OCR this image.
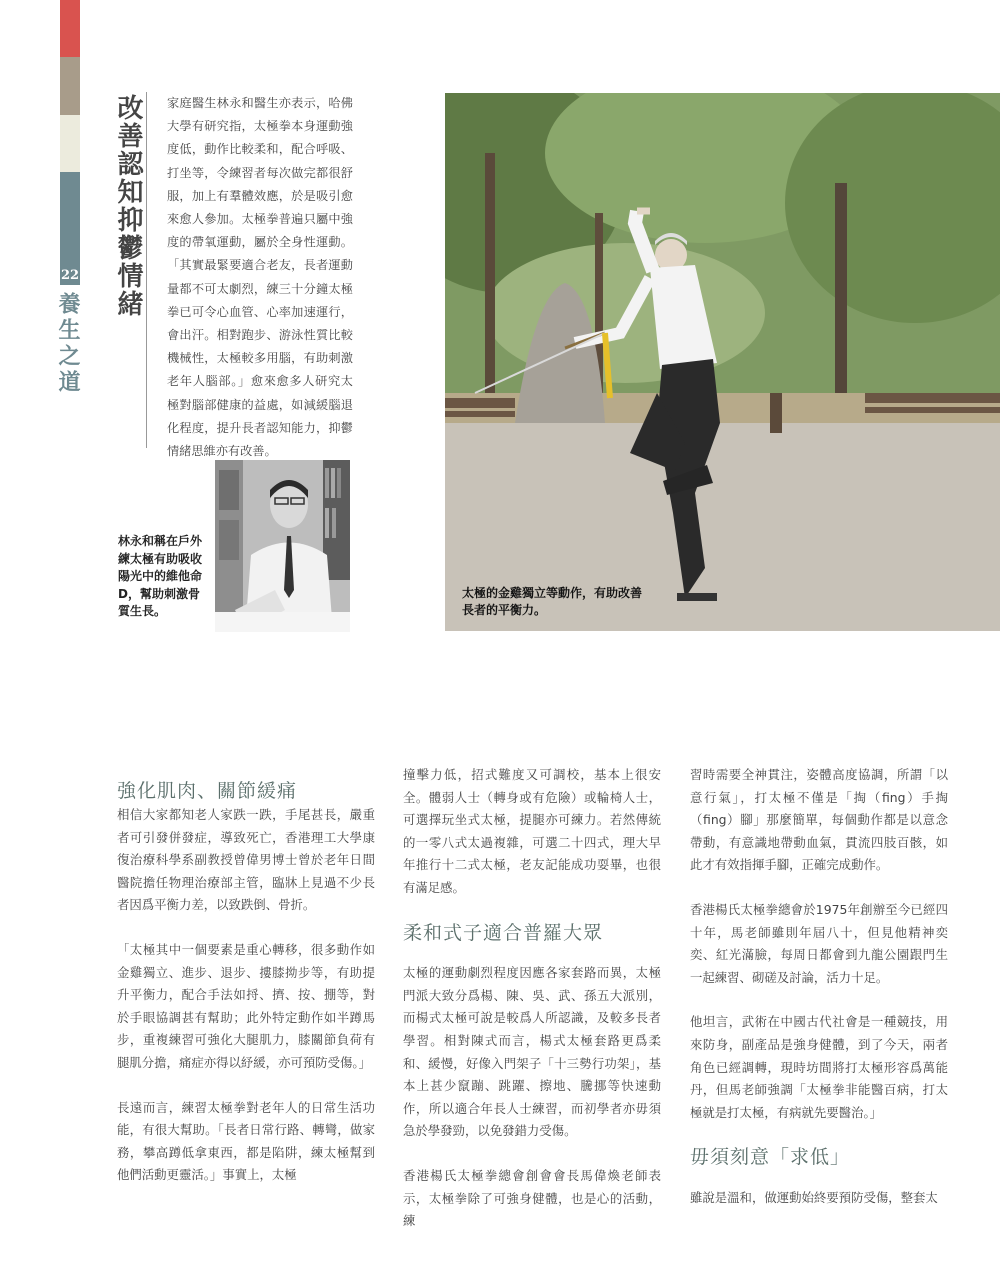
22
養生之道
改善認知抑鬱情緒 家庭醫生林永和醫生亦表示，哈佛大學有研究指，太極拳本身運動強度低，動作比較柔和，配合呼吸、打坐等，令練習者每次做完都很舒服，加上有羣體效應，於是吸引愈來愈人參加。太極拳普遍只屬中強度的帶氧運動，屬於全身性運動。「其實最緊要適合老友，長者運動量都不可太劇烈，練三十分鐘太極拳已可令心血管、心率加速運行，會出汗。相對跑步、游泳性質比較機械性，太極較多用腦，有助刺激老年人腦部。」愈來愈多人研究太極對腦部健康的益處，如減緩腦退化程度，提升長者認知能力，抑鬱情緒思維亦有改善。
林永和稱在戶外練太極有助吸收陽光中的維他命D，幫助刺激骨質生長。
太極的金雞獨立等動作，有助改善長者的平衡力。
強化肌肉、關節緩痛

相信大家都知老人家跌一跌，手尾甚長，嚴重者可引發併發症，導致死亡，香港理工大學康復治療科學系副教授曾偉男博士曾於老年日間醫院擔任物理治療部主管，臨牀上見過不少長者因爲平衡力差，以致跌倒、骨折。

「太極其中一個要素是重心轉移，很多動作如金雞獨立、進步、退步、摟膝拗步等，有助提升平衡力，配合手法如捋、擠、按、掤等，對於手眼協調甚有幫助；此外特定動作如半蹲馬步，重複練習可強化大腿肌力，膝關節負荷有腿肌分擔，痛症亦得以紓緩，亦可預防受傷。」

長遠而言，練習太極拳對老年人的日常生活功能，有很大幫助。「長者日常行路、轉彎，做家務，攀高蹲低拿東西，都是陷阱，練太極幫到他們活動更靈活。」事實上，太極

撞擊力低，招式難度又可調校，基本上很安全。體弱人士（轉身或有危險）或輪椅人士，可選擇玩坐式太極，提腿亦可練力。若然傳統的一零八式太過複雜，可選二十四式，理大早年推行十二式太極，老友記能成功耍畢，也很有滿足感。

柔和式子適合普羅大眾

太極的運動劇烈程度因應各家套路而異，太極門派大致分爲楊、陳、吳、武、孫五大派別，而楊式太極可說是較爲人所認識，及較多長者學習。相對陳式而言，楊式太極套路更爲柔和、緩慢，好像入門架子「十三勢行功架」，基本上甚少竄蹦、跳躍、擦地、騰挪等快速動作，所以適合年長人士練習，而初學者亦毋須急於學發勁，以免發錯力受傷。

香港楊氏太極拳總會創會會長馬偉煥老師表示，太極拳除了可強身健體，也是心的活動，練

習時需要全神貫注，姿體高度協調，所謂「以意行氣」，打太極不僅是「掏（fing）手掏（fing）腳」那麼簡單，每個動作都是以意念帶動，有意識地帶動血氣，貫流四肢百骸，如此才有效指揮手腳，正確完成動作。

香港楊氏太極拳總會於1975年創辦至今已經四十年，馬老師雖則年屆八十，但見他精神奕奕、紅光滿臉，每周日都會到九龍公園跟門生一起練習、砌磋及討論，活力十足。

他坦言，武術在中國古代社會是一種競技，用來防身，副產品是強身健體，到了今天，兩者角色已經調轉，現時坊間將打太極形容爲萬能丹，但馬老師強調「太極拳非能醫百病，打太極就是打太極，有病就先要醫治。」

毋須刻意「求低」

雖說是溫和，做運動始終要預防受傷，整套太
